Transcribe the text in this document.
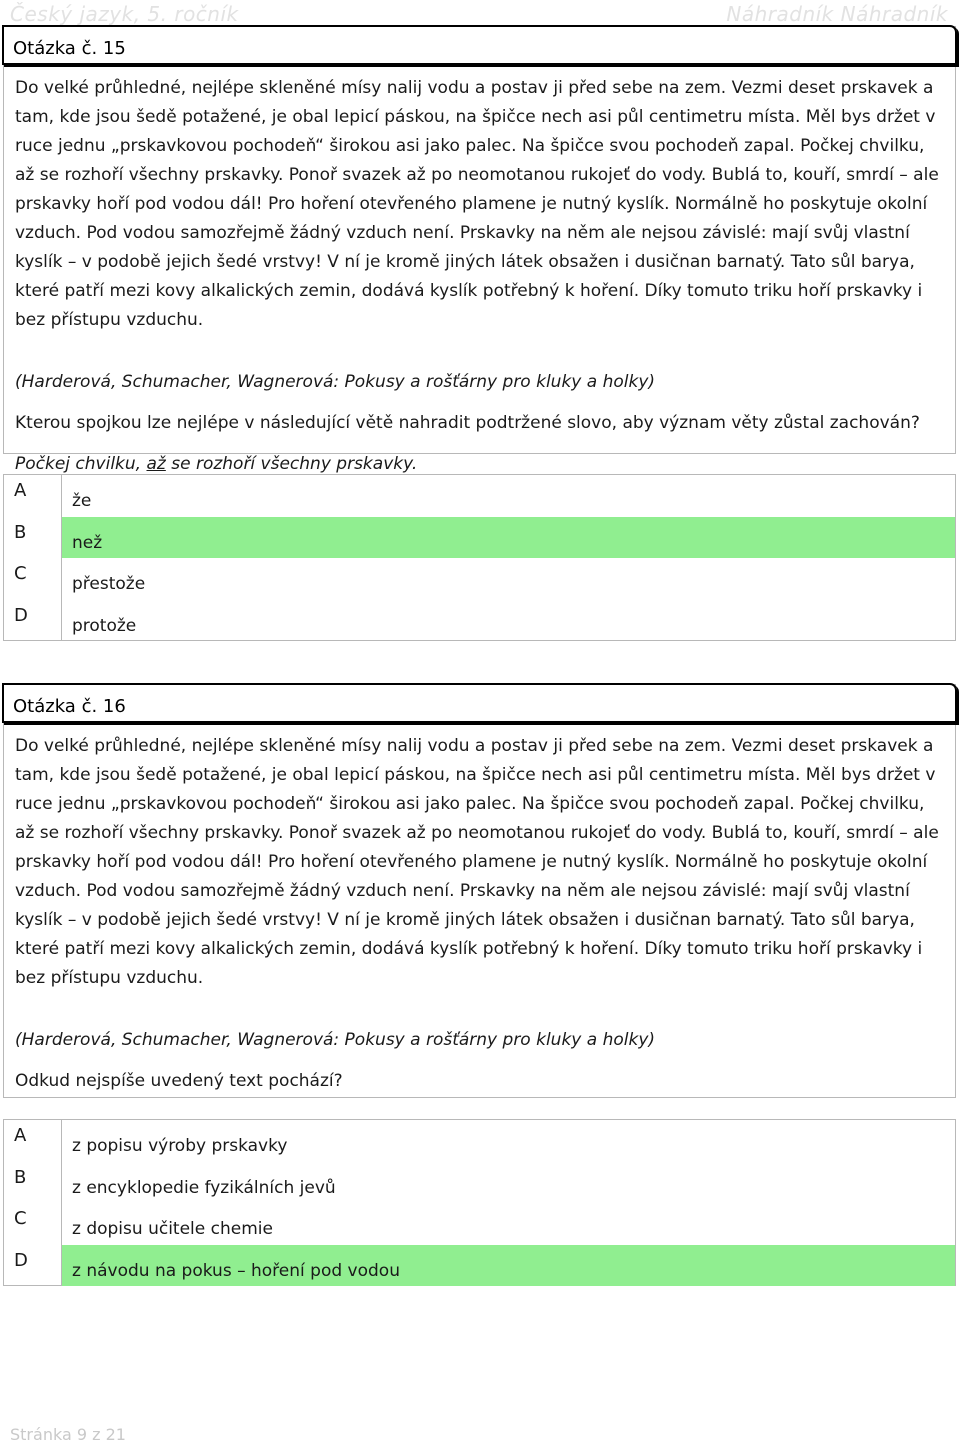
Český jazyk, 5. ročník	Náhradník Náhradník
Otázka č. 15

Do velké průhledné, nejlépe skleněné mísy nalij vodu a postav ji před sebe na zem. Vezmi deset prskavek a tam, kde jsou šedě potažené, je obal lepicí páskou, na špičce nech asi půl centimetru místa. Měl bys držet v ruce jednu „prskavkovou pochodeň“ širokou asi jako palec. Na špičce svou pochodeň zapal. Počkej chvilku, až se rozhoří všechny prskavky. Ponoř svazek až po neomotanou rukojeť do vody. Bublá to, kouří, smrdí – ale prskavky hoří pod vodou dál! Pro hoření otevřeného plamene je nutný kyslík. Normálně ho poskytuje okolní vzduch. Pod vodou samozřejmě žádný vzduch není. Prskavky na něm ale nejsou závislé: mají svůj vlastní kyslík – v podobě jejich šedé vrstvy! V ní je kromě jiných látek obsažen i dusičnan barnatý. Tato sůl barya, které patří mezi kovy alkalických zemin, dodává kyslík potřebný k hoření. Díky tomuto triku hoří prskavky i bez přístupu vzduchu.

(Harderová, Schumacher, Wagnerová: Pokusy a rošťárny pro kluky a holky)

Kterou spojkou lze nejlépe v následující větě nahradit podtržené slovo, aby význam věty zůstal zachován?

Počkej chvilku, až se rozhoří všechny prskavky.

A	že
B	než
C	přestože
D	protože
Otázka č. 16

Do velké průhledné, nejlépe skleněné mísy nalij vodu a postav ji před sebe na zem. Vezmi deset prskavek a tam, kde jsou šedě potažené, je obal lepicí páskou, na špičce nech asi půl centimetru místa. Měl bys držet v ruce jednu „prskavkovou pochodeň“ širokou asi jako palec. Na špičce svou pochodeň zapal. Počkej chvilku, až se rozhoří všechny prskavky. Ponoř svazek až po neomotanou rukojeť do vody. Bublá to, kouří, smrdí – ale prskavky hoří pod vodou dál! Pro hoření otevřeného plamene je nutný kyslík. Normálně ho poskytuje okolní vzduch. Pod vodou samozřejmě žádný vzduch není. Prskavky na něm ale nejsou závislé: mají svůj vlastní kyslík – v podobě jejich šedé vrstvy! V ní je kromě jiných látek obsažen i dusičnan barnatý. Tato sůl barya, které patří mezi kovy alkalických zemin, dodává kyslík potřebný k hoření. Díky tomuto triku hoří prskavky i bez přístupu vzduchu.

(Harderová, Schumacher, Wagnerová: Pokusy a rošťárny pro kluky a holky)

Odkud nejspíše uvedený text pochází?

A	z popisu výroby prskavky
B	z encyklopedie fyzikálních jevů
C	z dopisu učitele chemie
D	z návodu na pokus – hoření pod vodou
Stránka 9 z 21
